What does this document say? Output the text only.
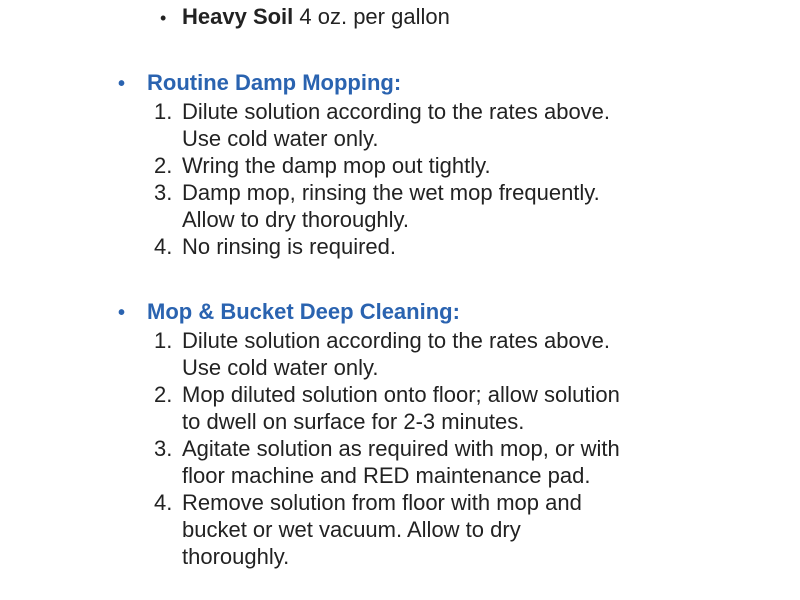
• Heavy Soil 4 oz. per gallon
• Routine Damp Mopping:
1. Dilute solution according to the rates above.
Use cold water only.
2. Wring the damp mop out tightly.
3. Damp mop, rinsing the wet mop frequently.
Allow to dry thoroughly.
4. No rinsing is required.
• Mop & Bucket Deep Cleaning:
1. Dilute solution according to the rates above.
Use cold water only.
2. Mop diluted solution onto floor; allow solution
to dwell on surface for 2-3 minutes.
3. Agitate solution as required with mop, or with
floor machine and RED maintenance pad.
4. Remove solution from floor with mop and
bucket or wet vacuum. Allow to dry
thoroughly.
